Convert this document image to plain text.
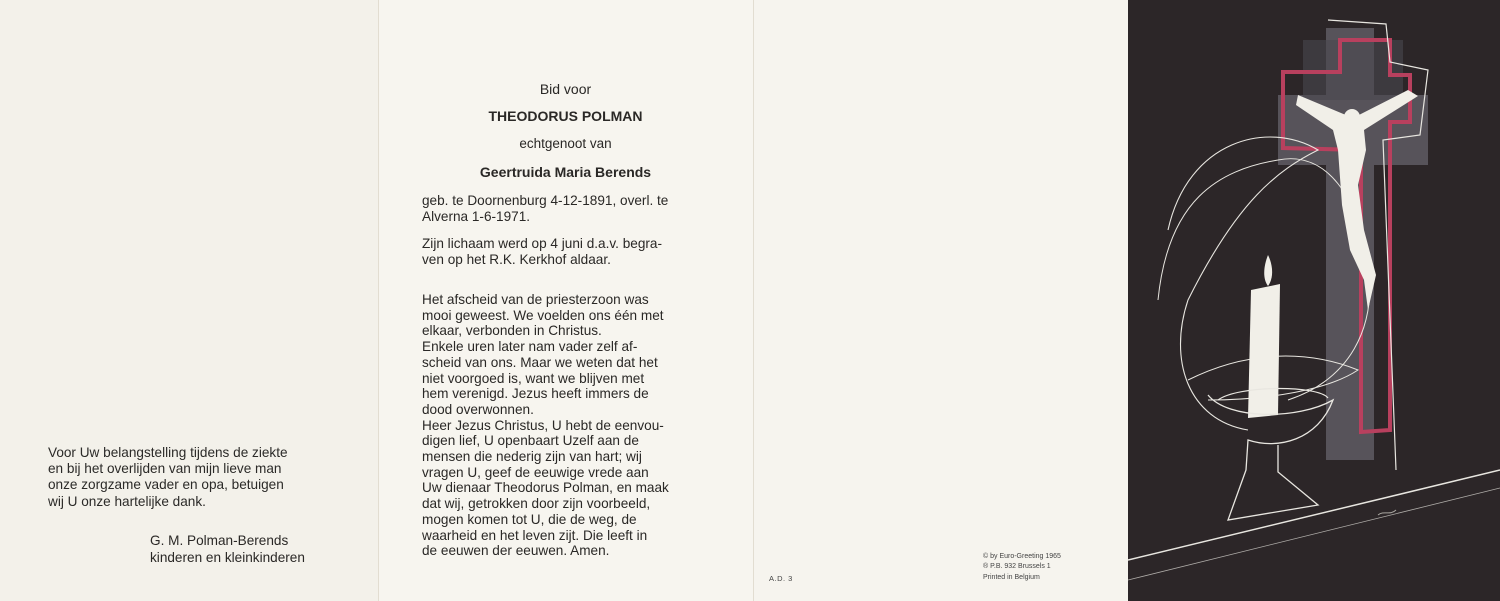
Voor Uw belangstelling tijdens de ziekte

en bij het overlijden van mijn lieve man

onze zorgzame vader en opa, betuigen

wij U onze hartelijke dank.

G. M. Polman-Berends
kinderen en kleinkinderen
Bid voor
THEODORUS POLMAN
echtgenoot van
Geertruida Maria Berends

geb. te Doornenburg 4-12-1891, overl. te

Alverna 1-6-1971.

Zijn lichaam werd op 4 juni d.a.v. begra-

ven op het R.K. Kerkhof aldaar.

Het afscheid van de priesterzoon was

mooi geweest. We voelden ons één met

elkaar, verbonden in Christus.

Enkele uren later nam vader zelf af-

scheid van ons. Maar we weten dat het

niet voorgoed is, want we blijven met

hem verenigd. Jezus heeft immers de

dood overwonnen.

Heer Jezus Christus, U hebt de eenvou-

digen lief, U openbaart Uzelf aan de

mensen die nederig zijn van hart; wij

vragen U, geef de eeuwige vrede aan

Uw dienaar Theodorus Polman, en maak

dat wij, getrokken door zijn voorbeeld,

mogen komen tot U, die de weg, de

waarheid en het leven zijt. Die leeft in

de eeuwen der eeuwen. Amen.

A.D. 3
© by Euro-Greeting 1965
® P.B. 932 Brussels 1
Printed in Belgium
